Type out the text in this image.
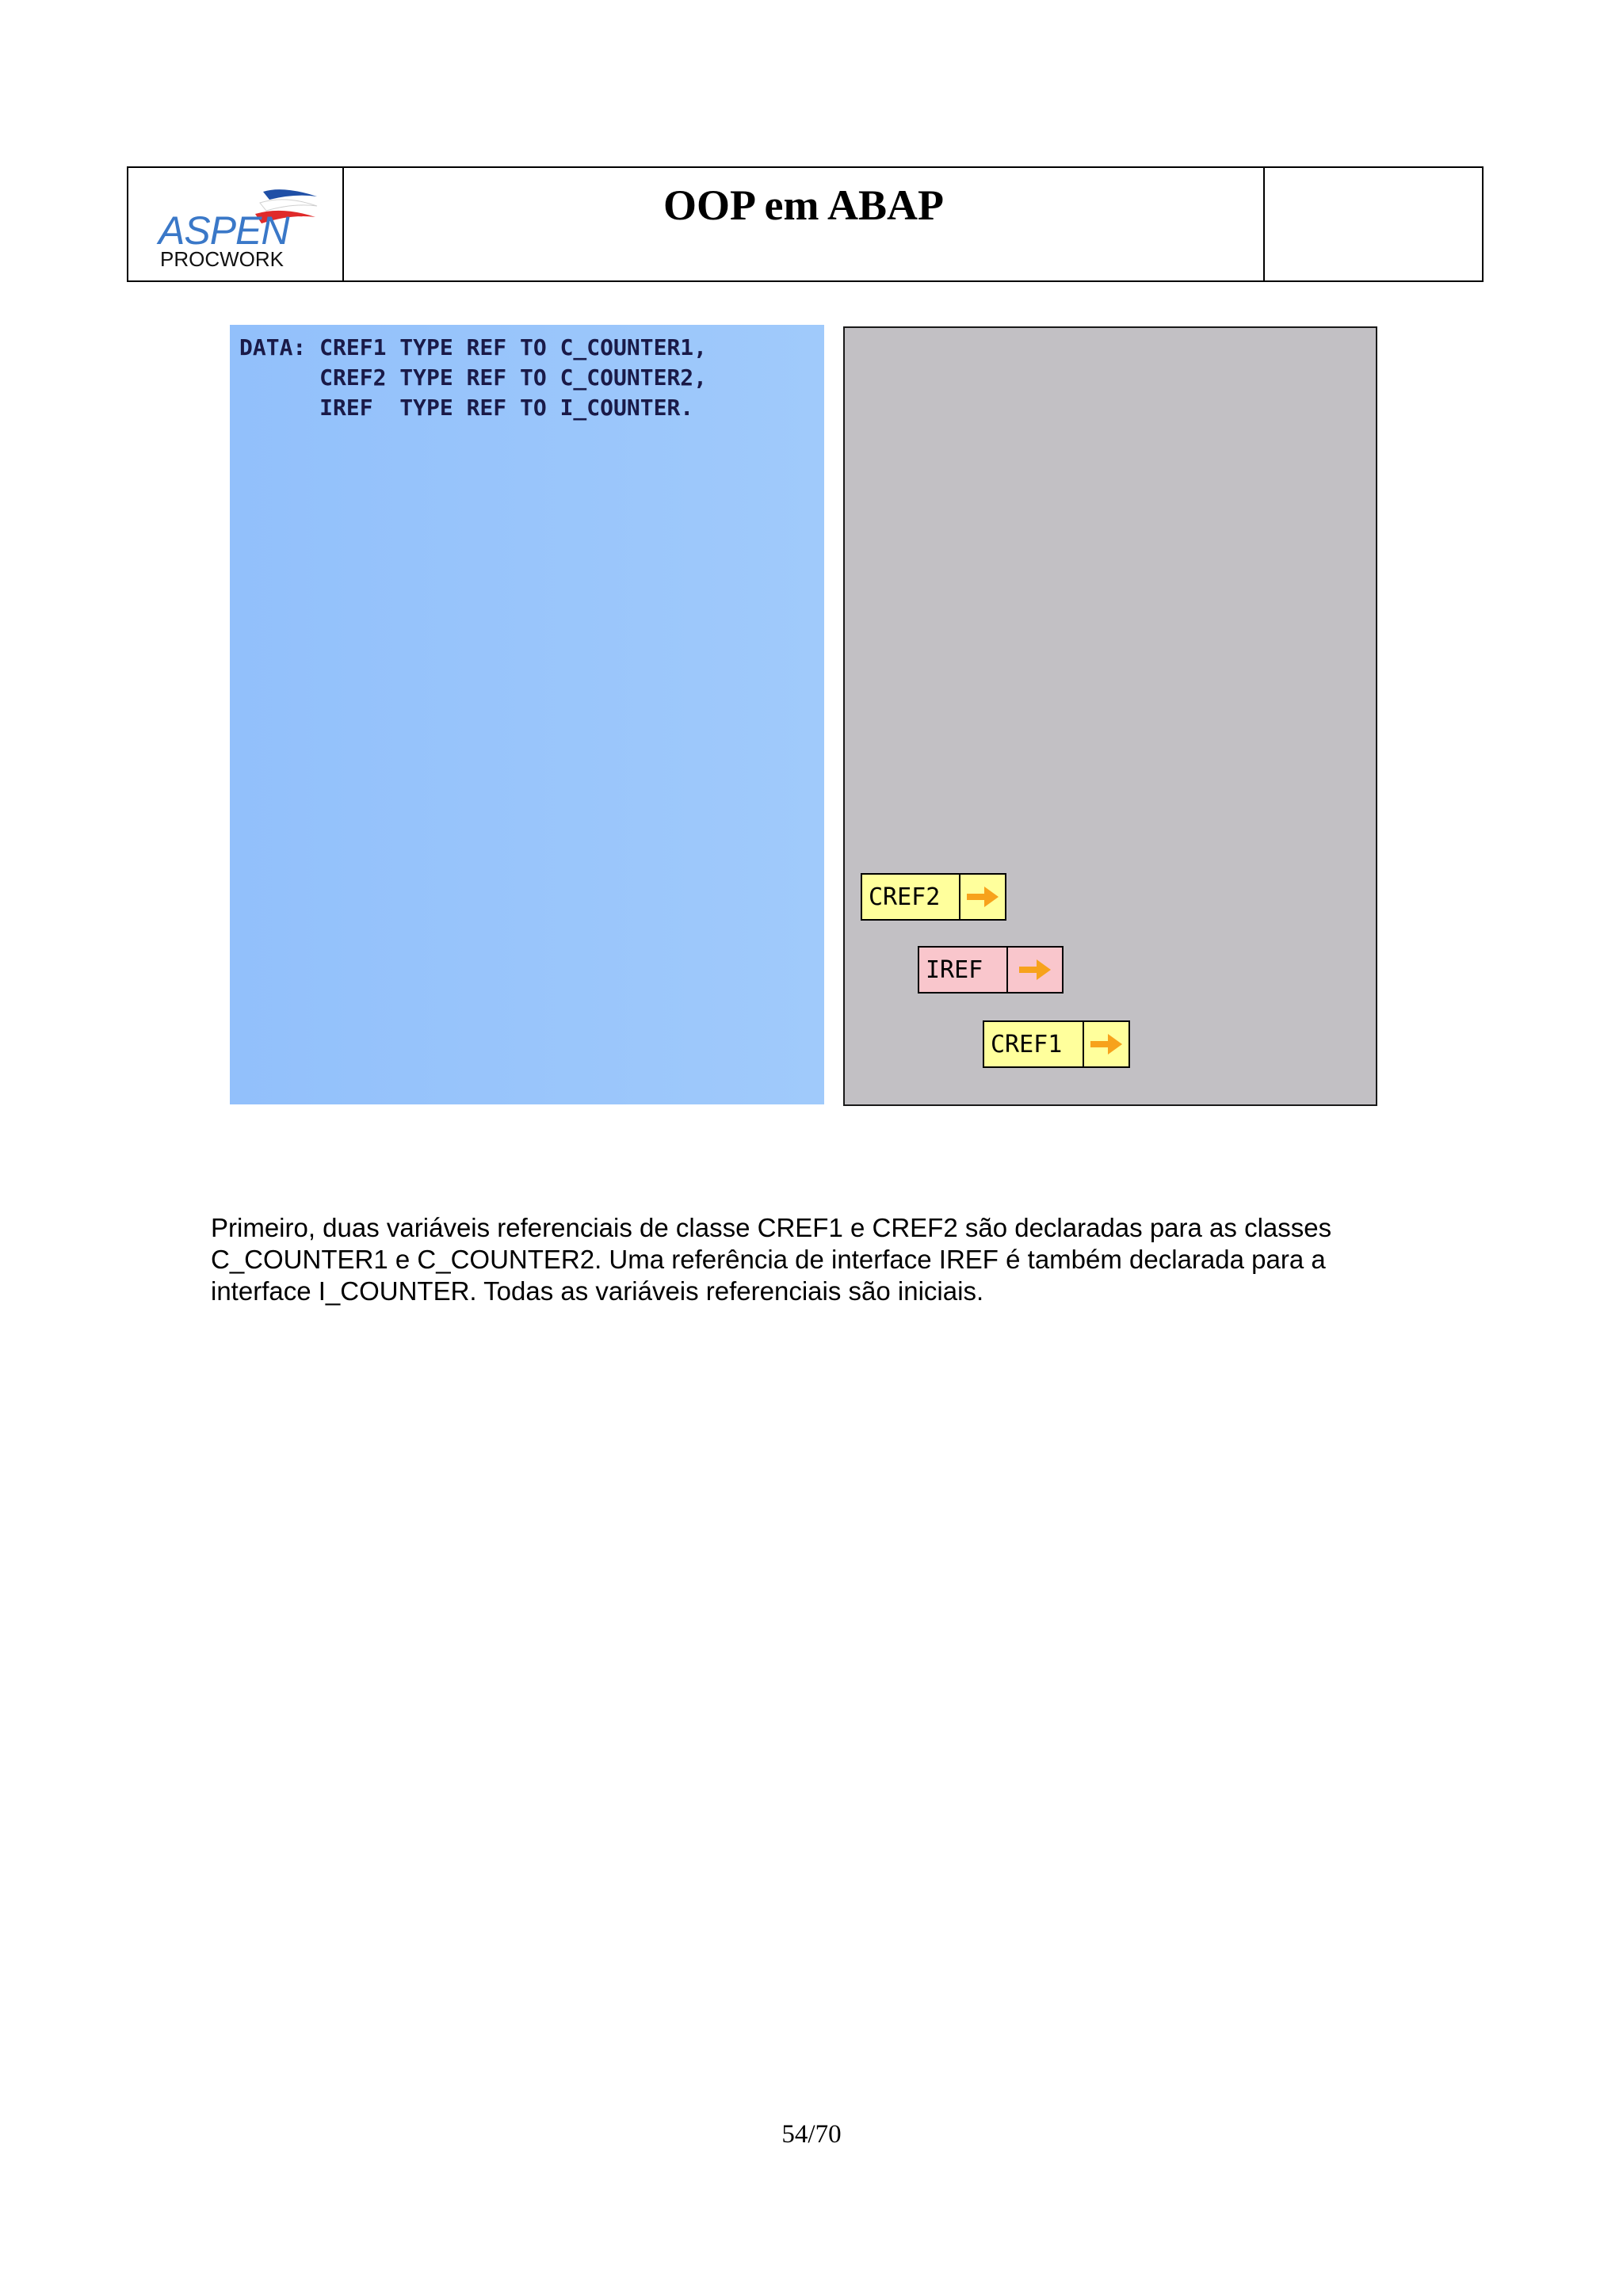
ASPEN
PROCWORK
OOP em ABAP
DATA: CREF1 TYPE REF TO C_COUNTER1,
CREF2 TYPE REF TO C_COUNTER2,
IREF  TYPE REF TO I_COUNTER.
CREF2
IREF
CREF1

Primeiro, duas variáveis referenciais de classe CREF1 e CREF2 são declaradas para as classes C_COUNTER1 e C_COUNTER2. Uma referência de interface IREF é também declarada para a interface I_COUNTER. Todas as variáveis referenciais são iniciais.

54/70
